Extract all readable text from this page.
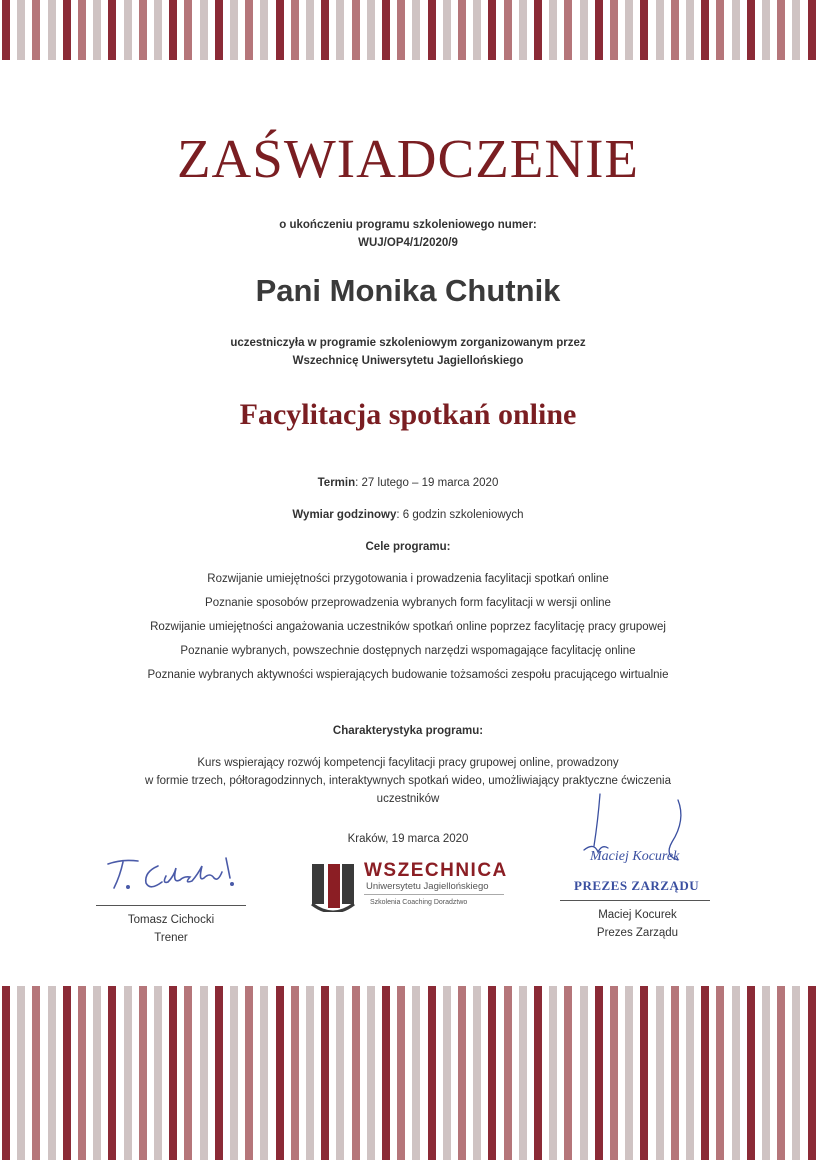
ZAŚWIADCZENIE
o ukończeniu programu szkoleniowego numer:
WUJ/OP4/1/2020/9
Pani Monika Chutnik
uczestniczyła w programie szkoleniowym zorganizowanym przez
Wszechnicę Uniwersytetu Jagiellońskiego
Facylitacja spotkań online
Termin: 27 lutego – 19 marca 2020
Wymiar godzinowy: 6 godzin szkoleniowych
Cele programu:
Rozwijanie umiejętności przygotowania i prowadzenia facylitacji spotkań online
Poznanie sposobów przeprowadzenia wybranych form facylitacji w wersji online
Rozwijanie umiejętności angażowania uczestników spotkań online poprzez facylitację pracy grupowej
Poznanie wybranych, powszechnie dostępnych narzędzi wspomagające facylitację online
Poznanie wybranych aktywności wspierających budowanie tożsamości zespołu pracującego wirtualnie
Charakterystyka programu:
Kurs wspierający rozwój kompetencji facylitacji pracy grupowej online, prowadzony
w formie trzech, półtoragodzinnych, interaktywnych spotkań wideo, umożliwiający praktyczne ćwiczenia
uczestników
Kraków, 19 marca 2020
Tomasz Cichocki
Trener
WSZECHNICA
Uniwersytetu Jagiellońskiego
Szkolenia Coaching Doradztwo
Maciej Kocurek
PREZES ZARZĄDU
Maciej Kocurek
Prezes Zarządu
